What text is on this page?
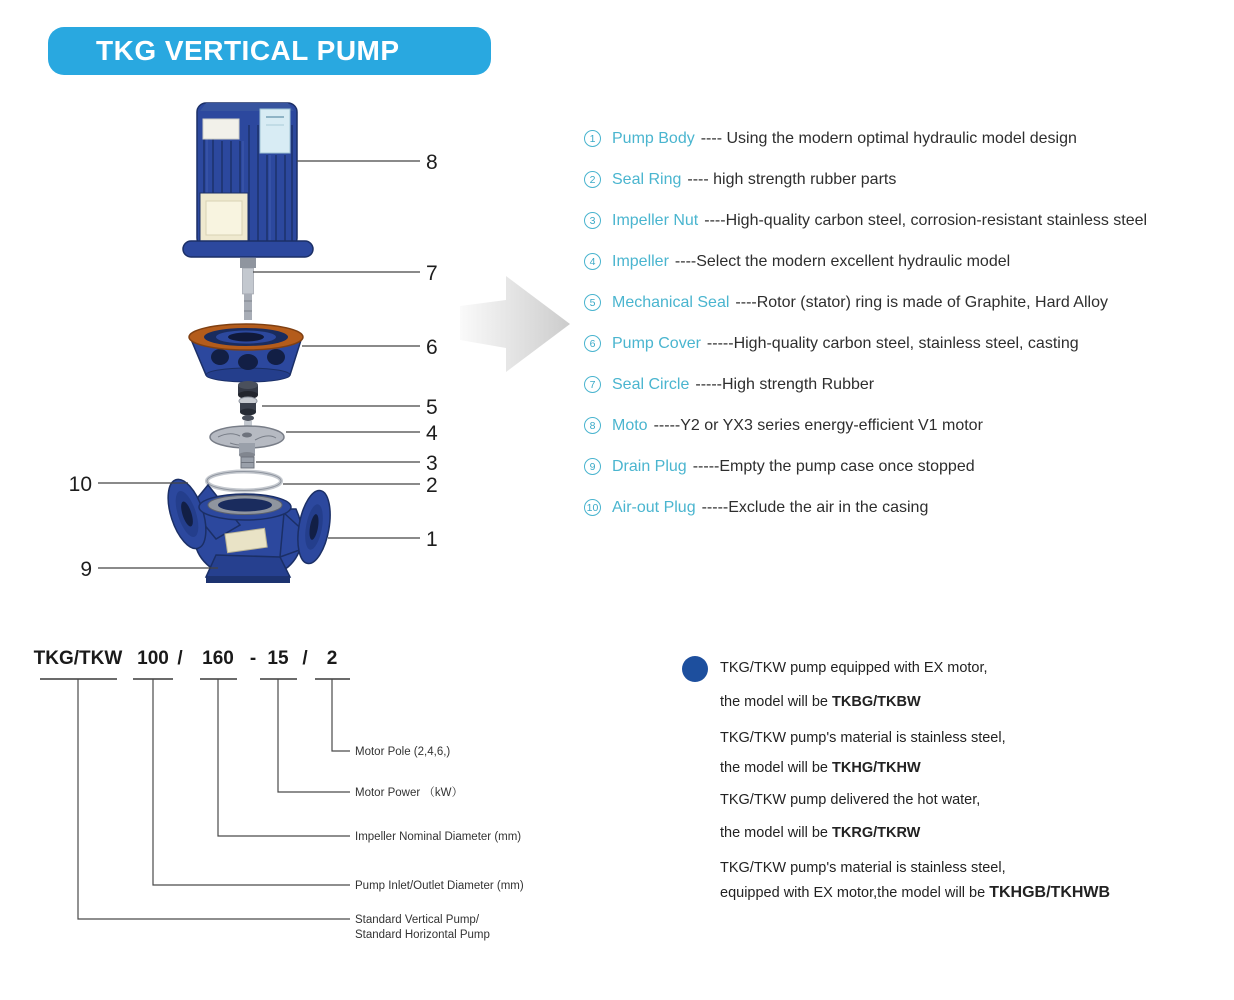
TKG VERTICAL PUMP
8
7
6
5
4
3
2
1
10
9
1	Pump Body ---- Using the modern optimal hydraulic model design
2	Seal Ring ---- high strength rubber parts
3	Impeller Nut ----High-quality carbon steel, corrosion-resistant stainless steel
4	Impeller ----Select the modern excellent hydraulic model
5	Mechanical Seal ----Rotor (stator) ring is made of Graphite, Hard Alloy
6	Pump Cover -----High-quality carbon steel, stainless steel, casting
7	Seal Circle -----High strength Rubber
8	Moto -----Y2 or YX3 series energy-efficient V1 motor
9	Drain Plug -----Empty the pump case once stopped
10 Air-out Plug -----Exclude the air in the casing
TKG/TKW 100 / 160 - 15 / 2
Motor Pole (2,4,6,)
Motor Power （kW）
Impeller Nominal Diameter (mm)
Pump Inlet/Outlet Diameter (mm)
Standard Vertical Pump/
Standard Horizontal Pump
TKG/TKW pump equipped with EX motor,
the model will be TKBG/TKBW
TKG/TKW pump's material is stainless steel,
the model will be TKHG/TKHW
TKG/TKW pump delivered the hot water,
the model will be TKRG/TKRW
TKG/TKW pump's material is stainless steel,
equipped with EX motor,the model will be TKHGB/TKHWB
